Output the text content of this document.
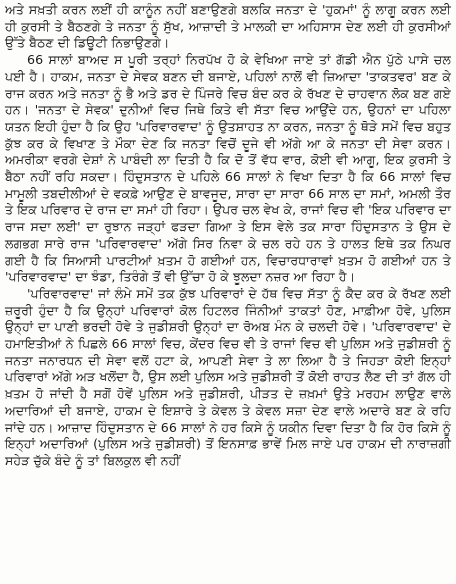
ਅਤੇ ਸਖ਼ਤੀ ਕਰਨ ਲਈਂ ਹੀ ਕਾਨੂੰਨ ਨਹੀਂ ਬਣਾਉਣਗੇ ਬਲਕਿ ਜਨਤਾ ਦੇ 'ਹੁਕਮਾਂ' ਨੂੰ ਲਾਗੂ ਕਰਨ ਲਈ ਹੀ ਕੁਰਸੀ ਤੇ ਬੈਠਣਗੇ ਤੇ ਜਨਤਾ ਨੂੰ ਸੁੱਖ, ਆਜ਼ਾਦੀ ਤੇ ਮਾਲਕੀ ਦਾ ਅਹਿਸਾਸ ਦੇਣ ਲਈ ਹੀ ਕੁਰਸੀਆਂ ਉੱਤੇ ਬੈਠਣ ਦੀ ਡਿਊਟੀ ਨਿਭਾਉਣਗੇ।

66 ਸਾਲਾਂ ਬਾਅਦ ਸ ਪੂਰੀ ਤਰ੍ਹਾਂ ਨਿਰਪੱਖ ਹੋ ਕੇ ਵੇਖਿਆ ਜਾਏ ਤਾਂ ਗੱਡੀ ਐਨ ਪੁੱਠੇ ਪਾਸੇ ਚਲ ਪਈ ਹੈ। ਹਾਕਮ, ਜਨਤਾ ਦੇ ਸੇਵਕ ਬਣਨ ਦੀ ਬਜਾਏ, ਪਹਿਲਾਂ ਨਾਲੋਂ ਵੀ ਜ਼ਿਆਦਾ 'ਤਾਕਤਵਰ' ਬਣ ਕੇ ਰਾਜ ਕਰਨ ਅਤੇ ਜਨਤਾ ਨੂੰ ਭੈ ਅਤੇ ਡਰ ਦੇ ਪਿੰਜਰੇ ਵਿਚ ਬੰਦ ਕਰ ਕੇ ਰੱਖਣ ਦੇ ਚਾਹਵਾਨ ਲੋਕ ਬਣ ਗਏ ਹਨ। 'ਜਨਤਾ ਦੇ ਸੇਵਕ' ਦੁਨੀਆਂ ਵਿਚ ਜਿਥੇ ਕਿਤੇ ਵੀ ਸੱਤਾ ਵਿਚ ਆਉਂਦੇ ਹਨ, ਉਹਨਾਂ ਦਾ ਪਹਿਲਾ ਯਤਨ ਇਹੀ ਹੁੰਦਾ ਹੈ ਕਿ ਉਹ 'ਪਰਿਵਾਰਵਾਦ' ਨੂੰ ਉਤਸ਼ਾਹਤ ਨਾ ਕਰਨ, ਜਨਤਾ ਨੂੰ ਥੋੜੇ ਸਮੇਂ ਵਿਚ ਬਹੁਤ ਕੁੱਝ ਕਰ ਕੇ ਵਿਖਾਣ ਤੇ ਮੌਕਾ ਦੇਣ ਕਿ ਜਨਤਾ ਵਿਚੋਂ ਦੂਜੇ ਵੀ ਅੱਗੇ ਆ ਕੇ ਜਨਤਾ ਦੀ ਸੇਵਾ ਕਰਨ। ਅਮਰੀਕਾ ਵਰਗੇ ਦੇਸ਼ਾਂ ਨੇ ਪਾਬੰਦੀ ਲਾ ਦਿਤੀ ਹੈ ਕਿ ਦੋ ਤੋਂ ਵੱਧ ਵਾਰ, ਕੋਈ ਵੀ ਆਗੂ, ਇਕ ਕੁਰਸੀ ਤੇ ਬੈਠਾ ਨਹੀਂ ਰਹਿ ਸਕਦਾ। ਹਿੰਦੁਸਤਾਨ ਦੇ ਪਹਿਲੇ 66 ਸਾਲਾਂ ਨੇ ਵਿਖਾ ਦਿਤਾ ਹੈ ਕਿ 66 ਸਾਲਾਂ ਵਿਚ ਮਾਮੂਲੀ ਤਬਦੀਲੀਆਂ ਦੇ ਵਕਫ਼ੇ ਆਉਣ ਦੇ ਬਾਵਜੂਦ, ਸਾਰਾ ਦਾ ਸਾਰਾ 66 ਸਾਲ ਦਾ ਸਮਾਂ, ਅਮਲੀ ਤੌਰ ਤੇ ਇਕ ਪਰਿਵਾਰ ਦੇ ਰਾਜ ਦਾ ਸਮਾਂ ਹੀ ਰਿਹਾ। ਉਪਰ ਚਲ ਵੇਖ ਕੇ, ਰਾਜਾਂ ਵਿਚ ਵੀ 'ਇਕ ਪਰਿਵਾਰ ਦਾ ਰਾਜ ਸਦਾ ਲਈ' ਦਾ ਰੁਝਾਨ ਜੜ੍ਹਾਂ ਫੜਦਾ ਗਿਆ ਤੇ ਇਸ ਵੇਲੇ ਤਕ ਸਾਰਾ ਹਿੰਦੁਸਤਾਨ ਤੇ ਉਸ ਦੇ ਲਗਭਗ ਸਾਰੇ ਰਾਜ 'ਪਰਿਵਾਰਵਾਦ' ਅੱਗੇ ਸਿਰ ਨਿਵਾ ਕੇ ਚਲ ਰਹੇ ਹਨ ਤੇ ਹਾਲਤ ਇਥੇ ਤਕ ਨਿਘਰ ਗਈ ਹੈ ਕਿ ਸਿਆਸੀ ਪਾਰਟੀਆਂ ਖ਼ਤਮ ਹੋ ਗਈਆਂ ਹਨ, ਵਿਚਾਰਧਾਰਾਵਾਂ ਖ਼ਤਮ ਹੋ ਗਈਆਂ ਹਨ ਤੇ 'ਪਰਿਵਾਰਵਾਦ' ਦਾ ਝੰਡਾ, ਤਿਰੰਗੇ ਤੋਂ ਵੀ ਉੱਚਾ ਹੋ ਕੇ ਝੂਲਦਾ ਨਜ਼ਰ ਆ ਰਿਹਾ ਹੈ।

'ਪਰਿਵਾਰਵਾਦ' ਜਾਂ ਲੰਮੇ ਸਮੇਂ ਤਕ ਕੁੱਝ ਪਰਿਵਾਰਾਂ ਦੇ ਹੱਥ ਵਿਚ ਸੱਤਾ ਨੂੰ ਕੈਦ ਕਰ ਕੇ ਰੱਖਣ ਲਈ ਜ਼ਰੂਰੀ ਹੁੰਦਾ ਹੈ ਕਿ ਉਨ੍ਹਾਂ ਪਰਿਵਾਰਾਂ ਕੋਲ ਹਿਟਲਰ ਜਿੰਨੀਆਂ ਤਾਕਤਾਂ ਹੋਣ, ਮਾਫ਼ੀਆ ਹੋਵੇ, ਪੁਲਿਸ ਉਨ੍ਹਾਂ ਦਾ ਪਾਣੀ ਭਰਦੀ ਹੋਵੇ ਤੇ ਜੁਡੀਸ਼ਰੀ ਉਨ੍ਹਾਂ ਦਾ ਰੋਅਬ ਮੰਨ ਕੇ ਚਲਦੀ ਹੋਵੇ। 'ਪਰਿਵਾਰਵਾਦ' ਦੇ ਹਮਾਇਤੀਆਂ ਨੇ ਪਿਛਲੇ 66 ਸਾਲਾਂ ਵਿਚ, ਕੇਂਦਰ ਵਿਚ ਵੀ ਤੇ ਰਾਜਾਂ ਵਿਚ ਵੀ ਪੁਲਿਸ ਅਤੇ ਜੁਡੀਸ਼ਰੀ ਨੂੰ ਜਨਤਾ ਜਨਾਰਧਨ ਦੀ ਸੇਵਾ ਵਲੋਂ ਹਟਾ ਕੇ, ਆਪਣੀ ਸੇਵਾ ਤੇ ਲਾ ਲਿਆ ਹੈ ਤੇ ਜਿਹੜਾ ਕੋਈ ਇਨ੍ਹਾਂ ਪਰਿਵਾਰਾਂ ਅੱਗੇ ਅੜ ਖਲੋਂਦਾ ਹੈ, ਉਸ ਲਈ ਪੁਲਿਸ ਅਤੇ ਜੁਡੀਸ਼ਰੀ ਤੋਂ ਕੋਈ ਰਾਹਤ ਲੈਣ ਦੀ ਤਾਂ ਗੱਲ ਹੀ ਖ਼ਤਮ ਹੋ ਜਾਂਦੀ ਹੈ ਸਗੋਂ ਹੋਵੇਂ ਪੁਲਿਸ ਅਤੇ ਜੁਡੀਸ਼ਰੀ, ਪੀੜਤ ਦੇ ਜ਼ਖ਼ਮਾਂ ਉਤੇ ਮਰਹਮ ਲਾਉਣ ਵਾਲੇ ਅਦਾਰਿਆਂ ਦੀ ਬਜਾਏ, ਹਾਕਮ ਦੇ ਇਸ਼ਾਰੇ ਤੇ ਕੇਵਲ ਤੇ ਕੇਵਲ ਸਜ਼ਾ ਦੇਣ ਵਾਲੇ ਅਦਾਰੇ ਬਣ ਕੇ ਰਹਿ ਜਾਂਦੇ ਹਨ। ਆਜ਼ਾਦ ਹਿੰਦੁਸਤਾਨ ਦੇ 66 ਸਾਲਾਂ ਨੇ ਹਰ ਕਿਸੇ ਨੂੰ ਯਕੀਨ ਦਿਵਾ ਦਿਤਾ ਹੈ ਕਿ ਹੋਰ ਕਿਸੇ ਨੂੰ ਇਨ੍ਹਾਂ ਅਦਾਰਿਆਂ (ਪੁਲਿਸ ਅਤੇ ਜੁਡੀਸ਼ਰੀ) ਤੋਂ ਇਨਸਾਫ਼ ਭਾਵੇਂ ਮਿਲ ਜਾਏ ਪਰ ਹਾਕਮ ਦੀ ਨਾਰਾਜ਼ਗੀ ਸਹੇੜ ਚੁੱਕੇ ਬੰਦੇ ਨੂੰ ਤਾਂ ਬਿਲਕੁਲ ਵੀ ਨਹੀਂ
